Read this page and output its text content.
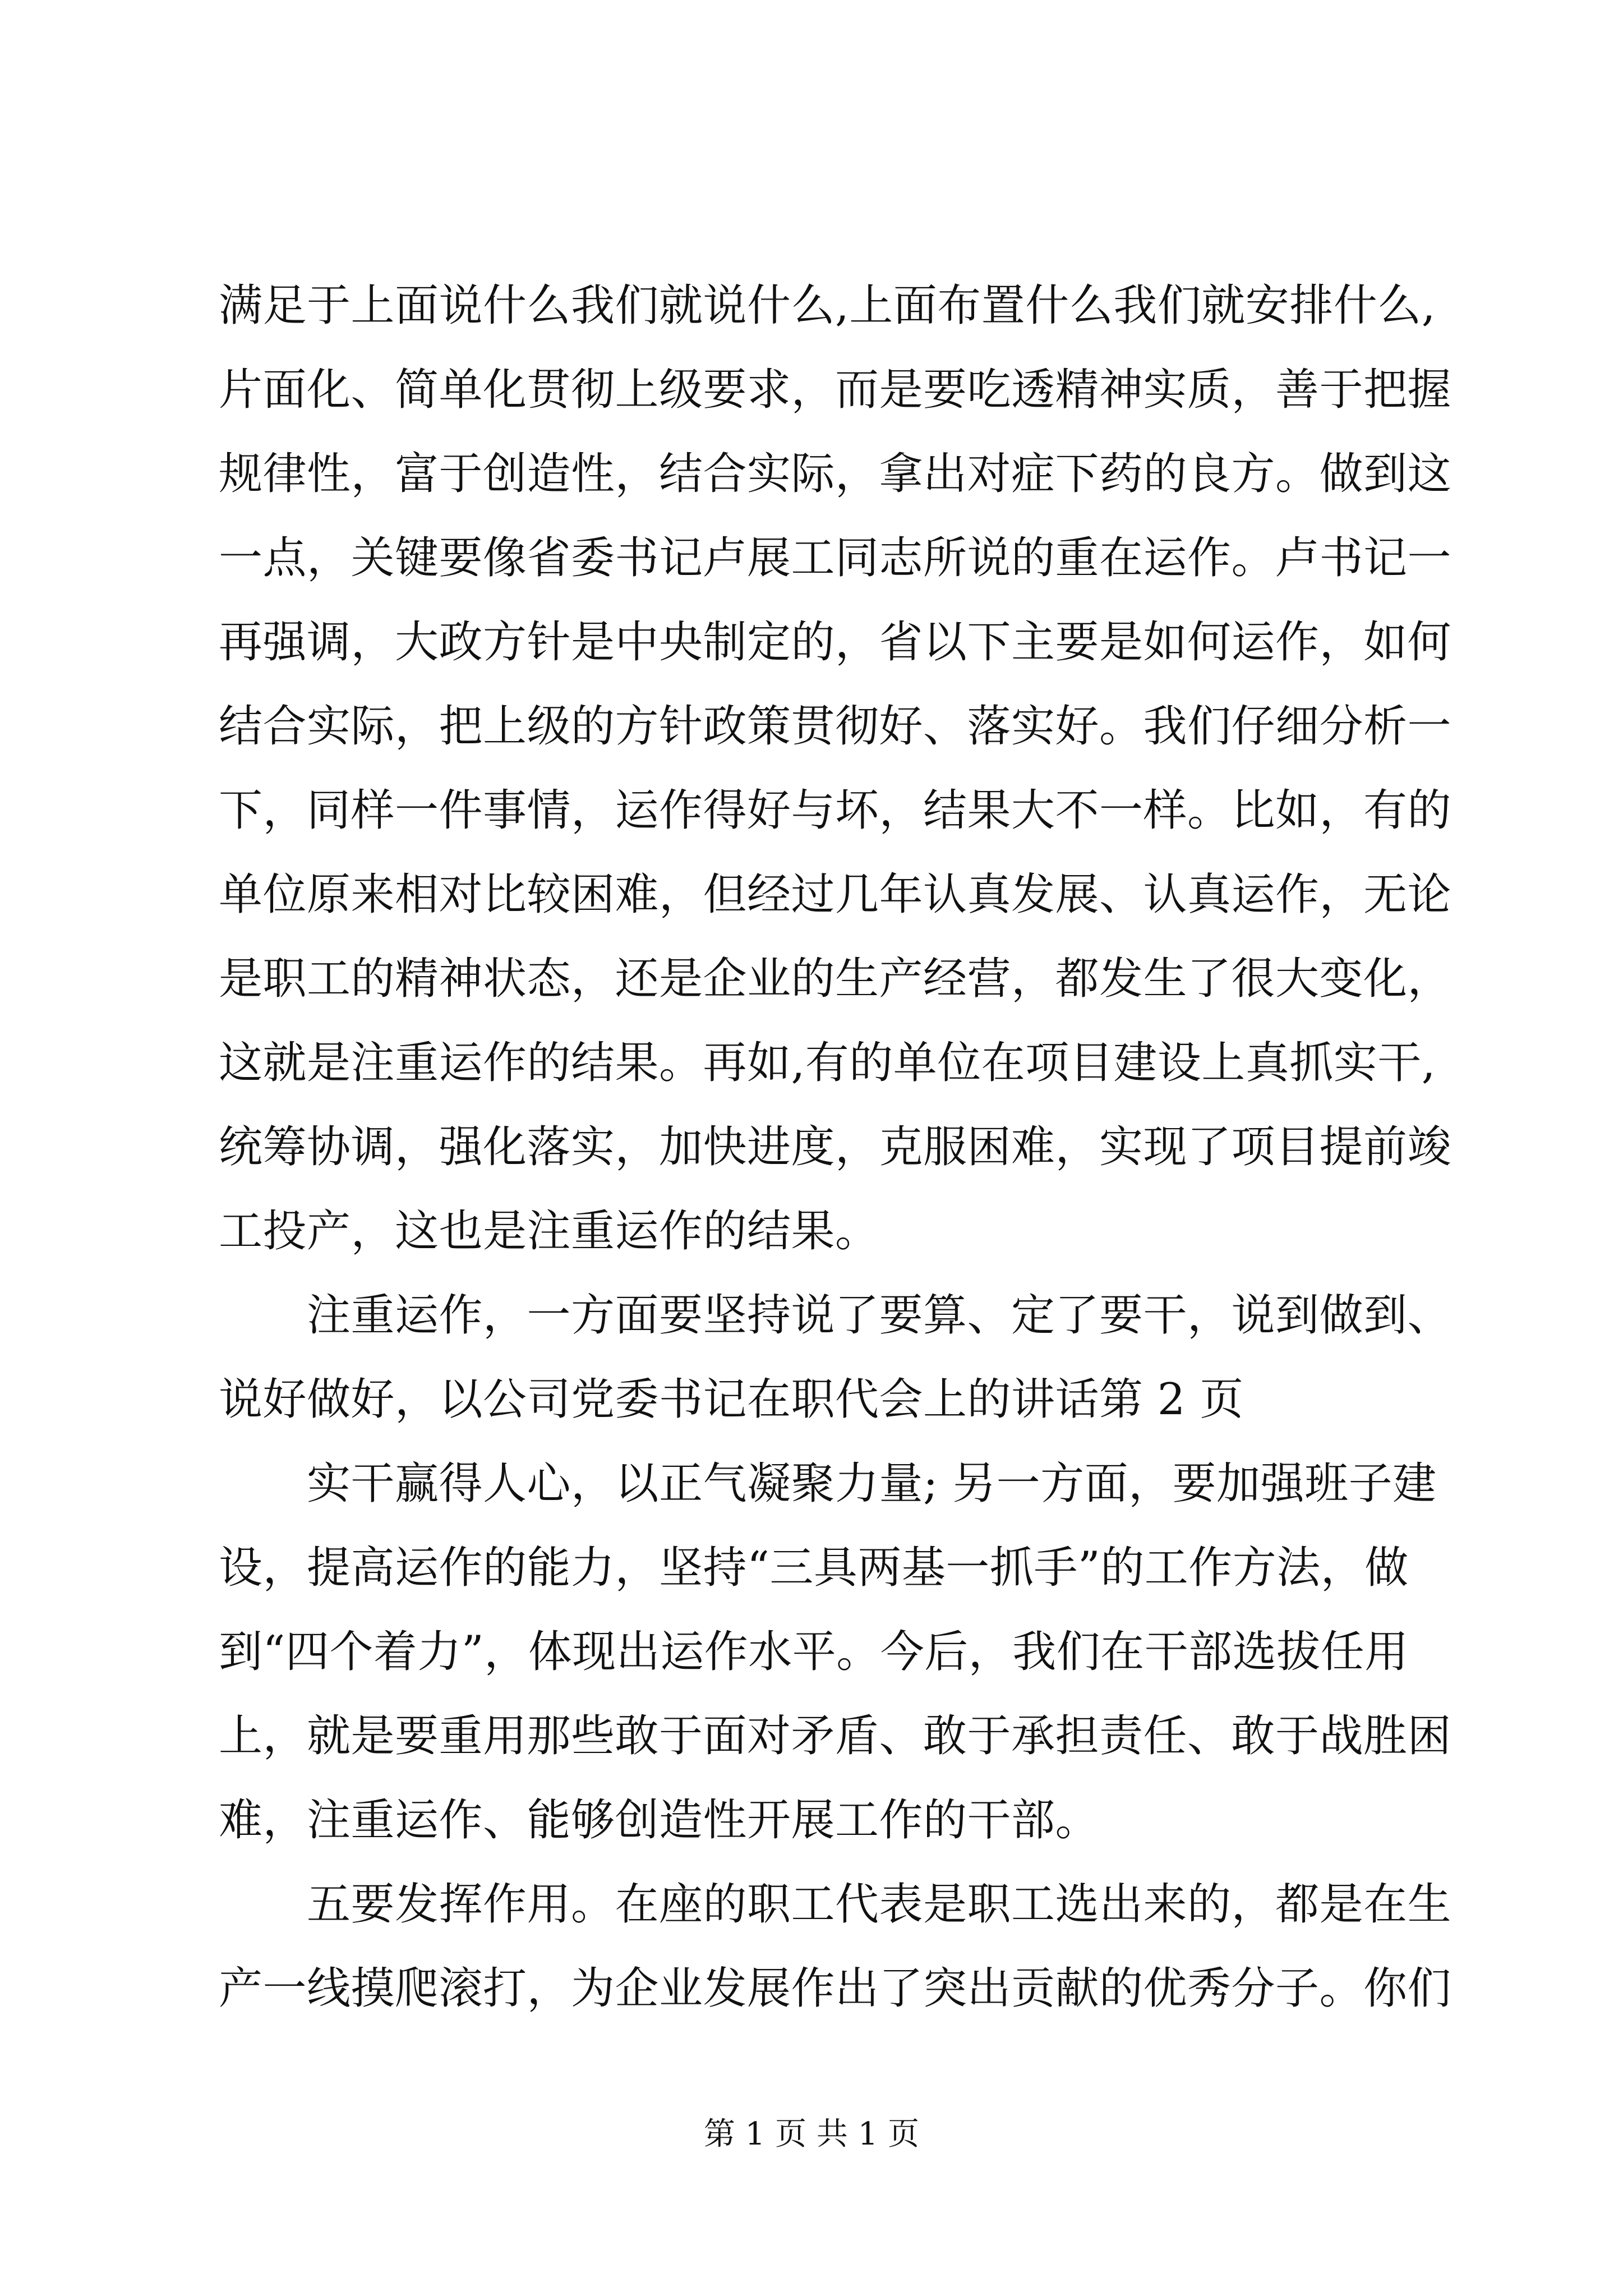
满足于上面说什么我们就说什么,上面布置什么我们就安排什么,
片面化、简单化贯彻上级要求，而是要吃透精神实质，善于把握
规律性，富于创造性，结合实际，拿出对症下药的良方。做到这
一点，关键要像省委书记卢展工同志所说的重在运作。卢书记一
再强调，大政方针是中央制定的，省以下主要是如何运作，如何
结合实际，把上级的方针政策贯彻好、落实好。我们仔细分析一
下，同样一件事情，运作得好与坏，结果大不一样。比如，有的
单位原来相对比较困难，但经过几年认真发展、认真运作，无论
是职工的精神状态，还是企业的生产经营，都发生了很大变化，
这就是注重运作的结果。再如,有的单位在项目建设上真抓实干,
统筹协调，强化落实，加快进度，克服困难，实现了项目提前竣
工投产，这也是注重运作的结果。
　　注重运作，一方面要坚持说了要算、定了要干，说到做到、
说好做好，以公司党委书记在职代会上的讲话第 2 页
　　实干赢得人心，以正气凝聚力量; 另一方面，要加强班子建
设，提高运作的能力，坚持“三具两基一抓手”的工作方法，做
到“四个着力”，体现出运作水平。今后，我们在干部选拔任用
上，就是要重用那些敢于面对矛盾、敢于承担责任、敢于战胜困
难，注重运作、能够创造性开展工作的干部。
　　五要发挥作用。在座的职工代表是职工选出来的，都是在生
产一线摸爬滚打，为企业发展作出了突出贡献的优秀分子。你们
第 1 页 共 1 页
